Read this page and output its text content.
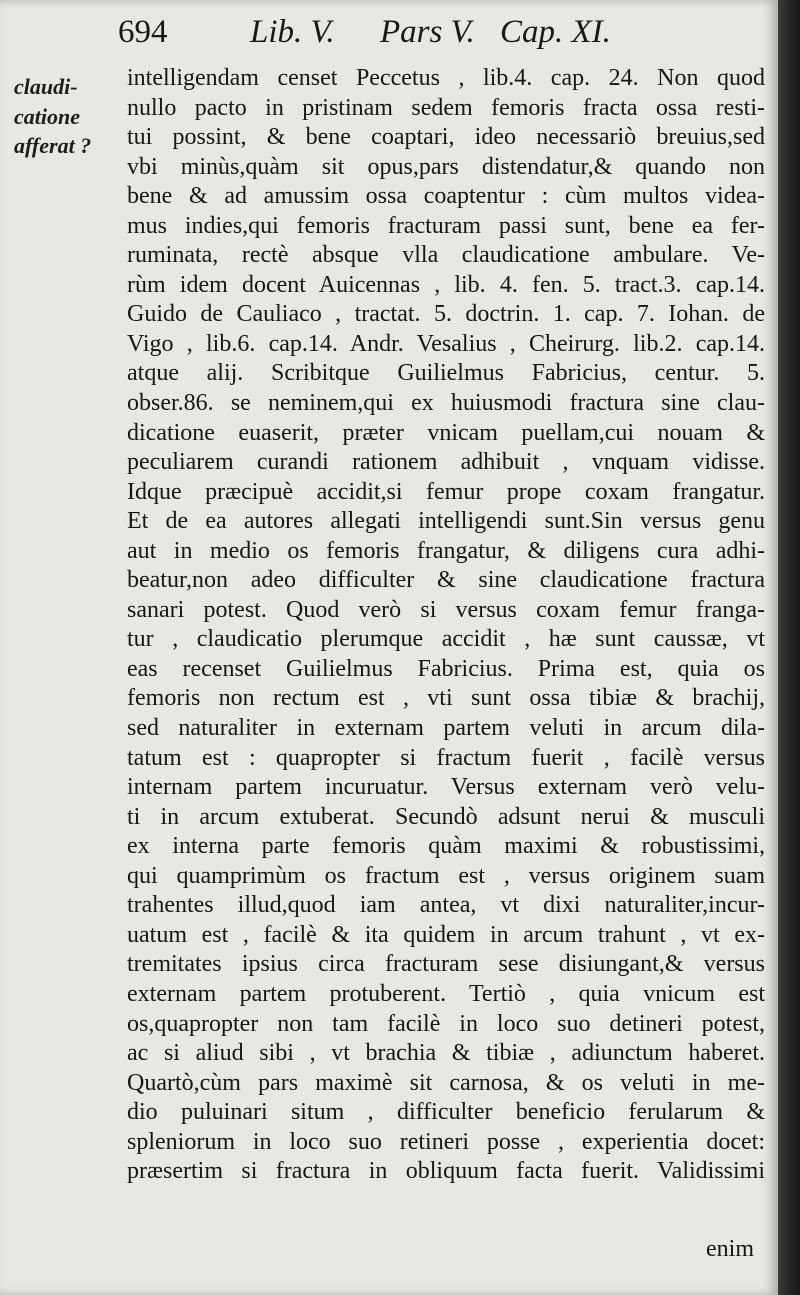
694	Lib. V. Pars V. Cap. XI.
claudi-
catione
afferat ?
intelligendam censet Peccetus , lib.4. cap. 24. Non quod
nullo pacto in pristinam sedem femoris fracta ossa resti-
tui possint, & bene coaptari, ideo necessariò breuius,sed
vbi minùs,quàm sit opus,pars distendatur,& quando non
bene & ad amussim ossa coaptentur : cùm multos videa-
mus indies,qui femoris fracturam passi sunt, bene ea fer-
ruminata, rectè absque vlla claudicatione ambulare. Ve-
rùm idem docent Auicennas , lib. 4. fen. 5. tract.3. cap.14.
Guido de Cauliaco , tractat. 5. doctrin. 1. cap. 7. Iohan. de
Vigo , lib.6. cap.14. Andr. Vesalius , Cheirurg. lib.2. cap.14.
atque alij. Scribitque Guilielmus Fabricius, centur. 5.
obser.86. se neminem,qui ex huiusmodi fractura sine clau-
dicatione euaserit, præter vnicam puellam,cui nouam &
peculiarem curandi rationem adhibuit , vnquam vidisse.
Idque præcipuè accidit,si femur prope coxam frangatur.
Et de ea autores allegati intelligendi sunt.Sin versus genu
aut in medio os femoris frangatur, & diligens cura adhi-
beatur,non adeo difficulter & sine claudicatione fractura
sanari potest. Quod verò si versus coxam femur franga-
tur , claudicatio plerumque accidit , hæ sunt caussæ, vt
eas recenset Guilielmus Fabricius. Prima est, quia os
femoris non rectum est , vti sunt ossa tibiæ & brachij,
sed naturaliter in externam partem veluti in arcum dila-
tatum est : quapropter si fractum fuerit , facilè versus
internam partem incuruatur. Versus externam verò velu-
ti in arcum extuberat. Secundò adsunt nerui & musculi
ex interna parte femoris quàm maximi & robustissimi,
qui quamprimùm os fractum est , versus originem suam
trahentes illud,quod iam antea, vt dixi naturaliter,incur-
uatum est , facilè & ita quidem in arcum trahunt , vt ex-
tremitates ipsius circa fracturam sese disiungant,& versus
externam partem protuberent. Tertiò , quia vnicum est
os,quapropter non tam facilè in loco suo detineri potest,
ac si aliud sibi , vt brachia & tibiæ , adiunctum haberet.
Quartò,cùm pars maximè sit carnosa, & os veluti in me-
dio puluinari situm , difficulter beneficio ferularum &
spleniorum in loco suo retineri posse , experientia docet:
præsertim si fractura in obliquum facta fuerit. Validissimi
enim
